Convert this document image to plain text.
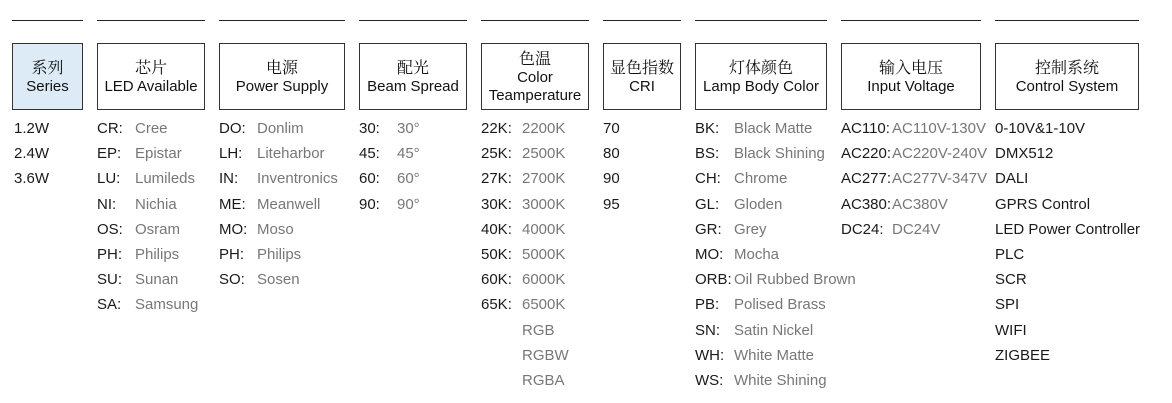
系列
Series
1.2W
2.4W
3.6W
芯片
LED Available
CR: Cree
EP: Epistar
LU: Lumileds
NI: Nichia
OS: Osram
PH: Philips
SU: Sunan
SA: Samsung
电源
Power Supply
DO: Donlim
LH: Liteharbor
IN: Inventronics
ME: Meanwell
MO: Moso
PH: Philips
SO: Sosen
配光
Beam Spread
30: 30°
45: 45°
60: 60°
90: 90°
色温
Color
Teamperature
22K: 2200K
25K: 2500K
27K: 2700K
30K: 3000K
40K: 4000K
50K: 5000K
60K: 6000K
65K: 6500K
RGB
RGBW
RGBA
显色指数
CRI
70
80
90
95
灯体颜色
Lamp Body Color
BK: Black Matte
BS: Black Shining
CH: Chrome
GL: Gloden
GR: Grey
MO: Mocha
ORB: Oil Rubbed Brown
PB: Polised Brass
SN: Satin Nickel
WH: White Matte
WS: White Shining
输入电压
Input Voltage
AC110: AC110V-130V
AC220:AC220V-240V
AC277:AC277V-347V
AC380:AC380V
DC24: DC24V
控制系统
Control System
0-10V&1-10V
DMX512
DALI
GPRS Control
LED Power Controller
PLC
SCR
SPI
WIFI
ZIGBEE
